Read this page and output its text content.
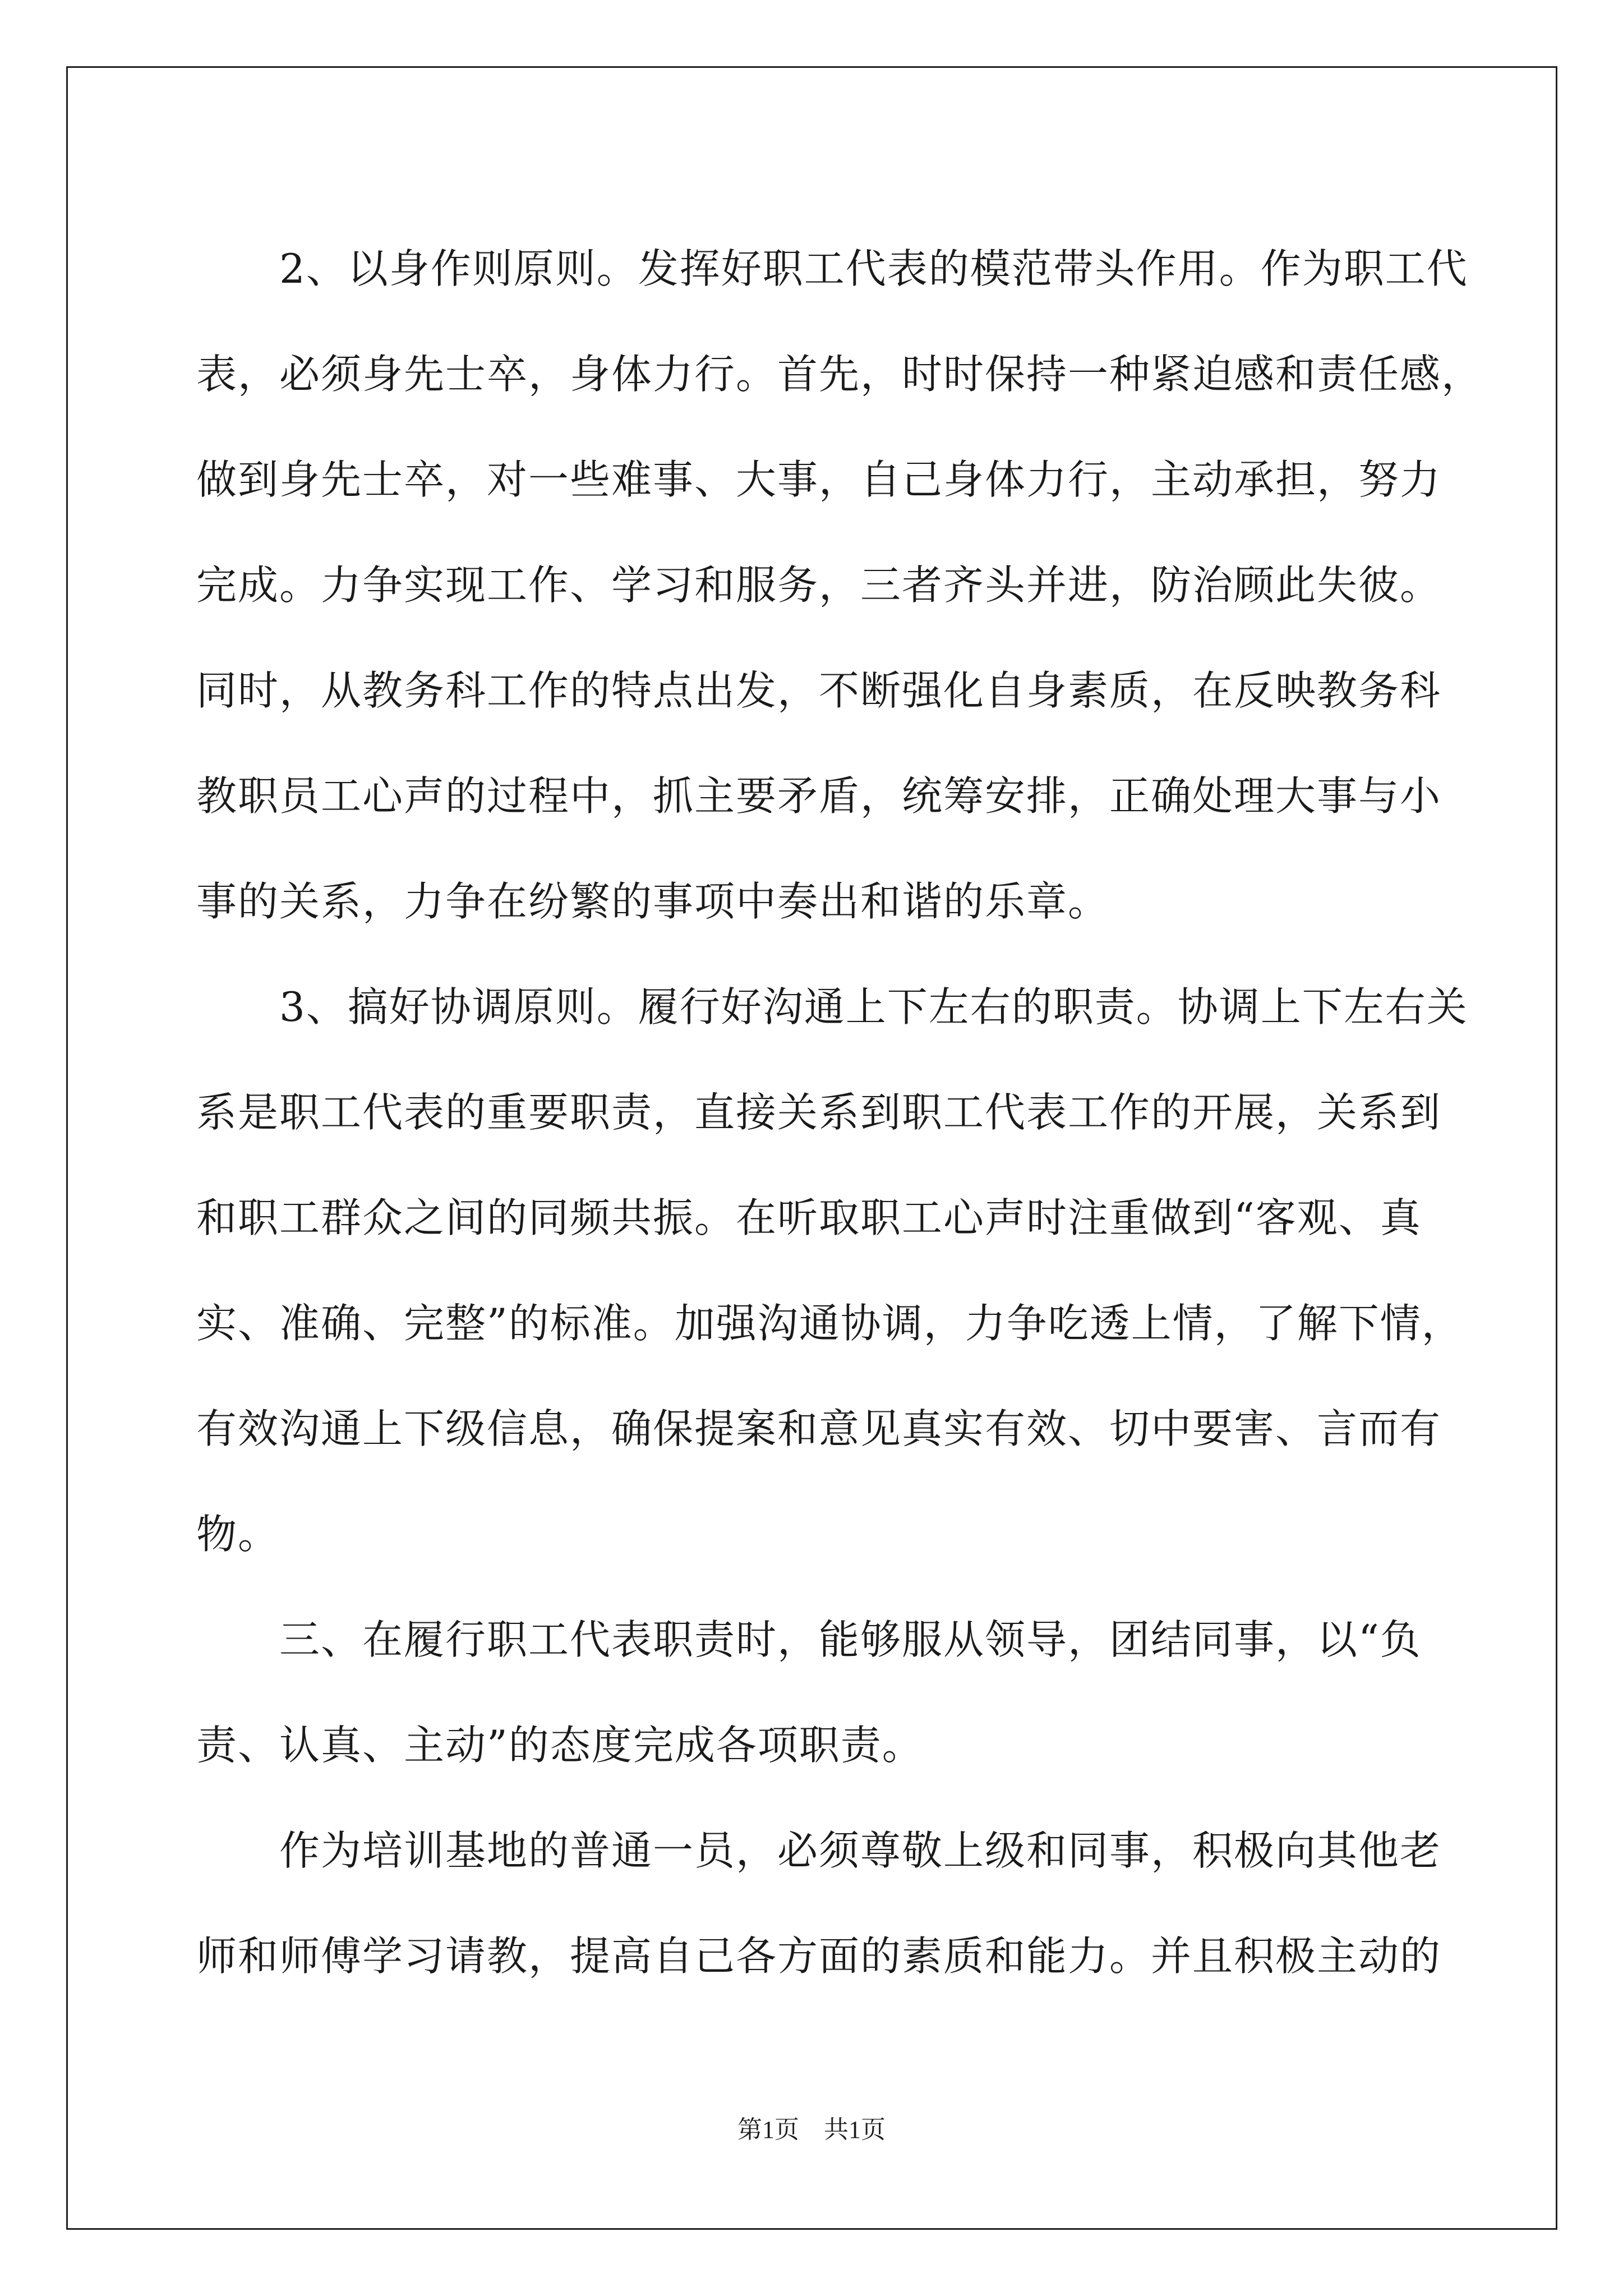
2、以身作则原则。发挥好职工代表的模范带头作用。作为职工代
表，必须身先士卒，身体力行。首先，时时保持一种紧迫感和责任感，
做到身先士卒，对一些难事、大事，自己身体力行，主动承担，努力
完成。力争实现工作、学习和服务，三者齐头并进，防治顾此失彼。
同时，从教务科工作的特点出发，不断强化自身素质，在反映教务科
教职员工心声的过程中，抓主要矛盾，统筹安排，正确处理大事与小
事的关系，力争在纷繁的事项中奏出和谐的乐章。
3、搞好协调原则。履行好沟通上下左右的职责。协调上下左右关
系是职工代表的重要职责，直接关系到职工代表工作的开展，关系到
和职工群众之间的同频共振。在听取职工心声时注重做到“客观、真
实、准确、完整”的标准。加强沟通协调，力争吃透上情，了解下情，
有效沟通上下级信息，确保提案和意见真实有效、切中要害、言而有
物。
三、在履行职工代表职责时，能够服从领导，团结同事，以“负
责、认真、主动”的态度完成各项职责。
作为培训基地的普通一员，必须尊敬上级和同事，积极向其他老
师和师傅学习请教，提高自己各方面的素质和能力。并且积极主动的
第1页　共1页
